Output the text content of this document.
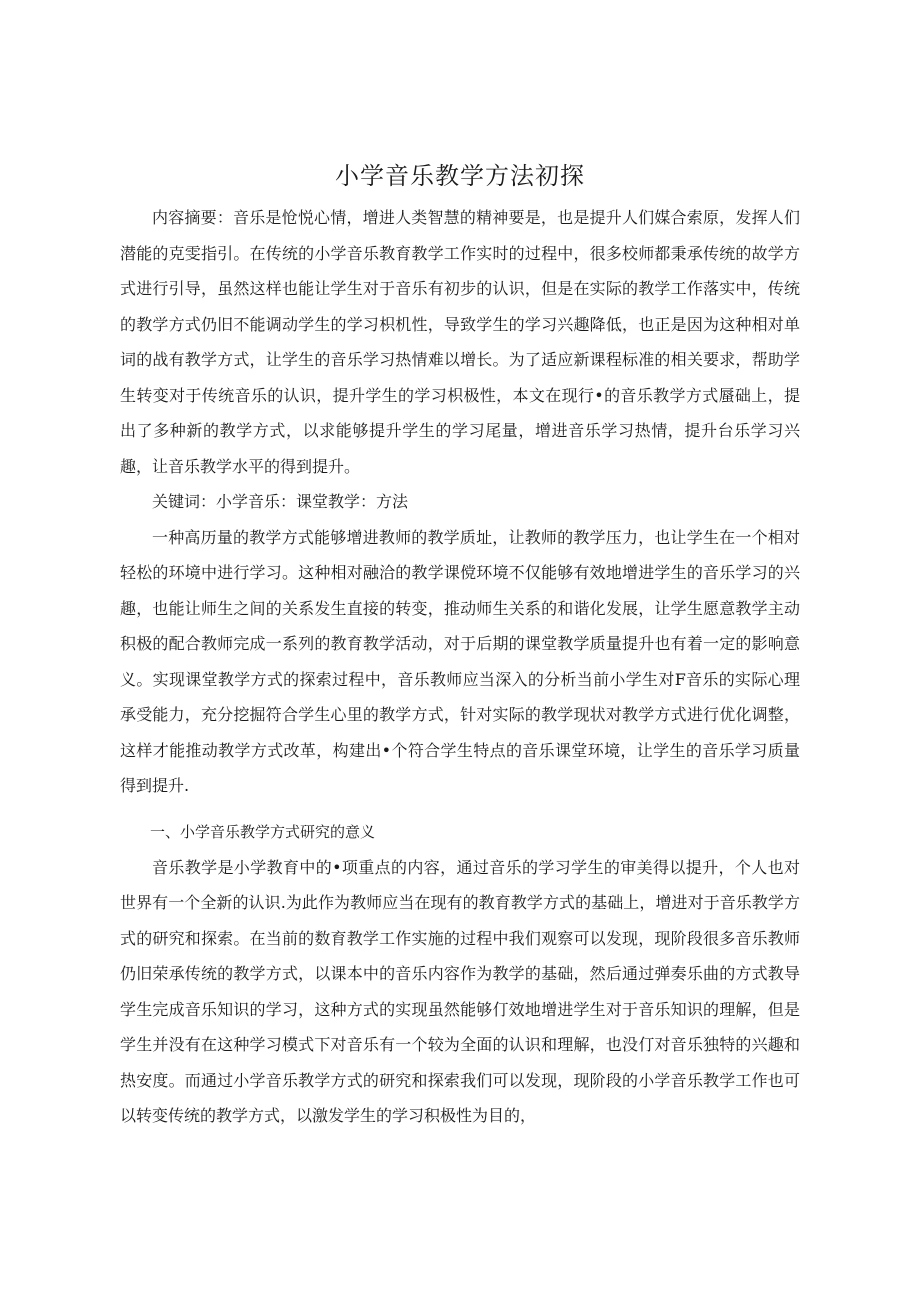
小学音乐教学方法初探

内容摘要：音乐是怆悦心情，增进人类智慧的精神要是，也是提升人们媒合索原，发挥人们潜能的克雯指引。在传统的小学音乐教育教学工作实时的过程中，很多校师都秉承传统的故学方式进行引导，虽然这样也能让学生对于音乐有初步的认识，但是在实际的教学工作落实中，传统的教学方式仍旧不能调动学生的学习枳机性，导致学生的学习兴趣降低，也正是因为这种相对单词的战有教学方式，让学生的音乐学习热情难以增长。为了适应新课程标准的相关要求，帮助学生转变对于传统音乐的认识，提升学生的学习枳极性，本文在现行•的音乐教学方式蜃础上，提出了多种新的教学方式，以求能够提升学生的学习尾量，增进音乐学习热情，提升台乐学习兴趣，让音乐教学水平的得到提升。

关键词：小学音乐：课堂教学：方法

一种高历量的教学方式能够增进教师的教学质址，让教师的教学压力，也让学生在一个相对轻松的环境中进行学习。这种相对融洽的教学课傥环境不仅能够有效地增进学生的音乐学习的兴趣，也能让师生之间的关系发生直接的转变，推动师生关系的和谐化发展，让学生愿意教学主动积极的配合教师完成一系列的教育教学活动，对于后期的课堂教学质量提升也有着一定的影响意义。实现课堂教学方式的探索过程中，音乐教师应当深入的分析当前小学生对F音乐的实际心理承受能力，充分挖掘符合学生心里的教学方式，针对实际的教学现状对教学方式进行优化调整，这样才能推动教学方式改革，构建出•个符合学生特点的音乐课堂环境，让学生的音乐学习质量得到提升.

一、小学音乐教学方式研究的意义

音乐教学是小学教育中的•项重点的内容，通过音乐的学习学生的审美得以提升，个人也对世界有一个全新的认识.为此作为教师应当在现有的教育教学方式的基础上，增进对于音乐教学方式的研究和探索。在当前的数育教学工作实施的过程中我们观察可以发现，现阶段很多音乐教师仍旧荣承传统的教学方式，以课本中的音乐内容作为教学的基础，然后通过弹奏乐曲的方式教导学生完成音乐知识的学习，这种方式的实现虽然能够仃效地增进学生对于音乐知识的理解，但是学生并没有在这种学习模式下对音乐有一个较为全面的认识和理解，也没仃对音乐独特的兴趣和热安度。而通过小学音乐教学方式的研究和探索我们可以发现，现阶段的小学音乐教学工作也可以转变传统的教学方式，以激发学生的学习积极性为目的，
